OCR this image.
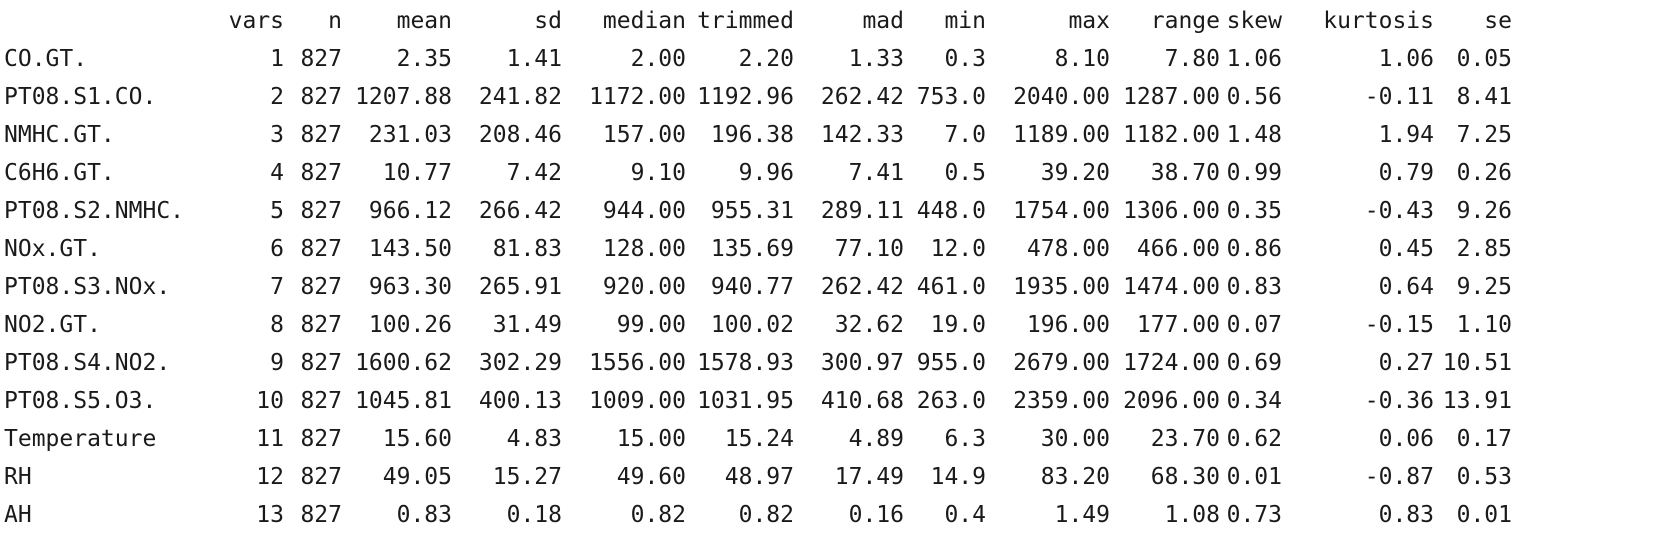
	vars	n	mean	sd	median	trimmed	mad	min	max	range	skew	kurtosis	se
CO.GT.	1	827	2.35	1.41	2.00	2.20	1.33	0.3	8.10	7.80	1.06	1.06	0.05
PT08.S1.CO.	2	827	1207.88	241.82	1172.00	1192.96	262.42	753.0	2040.00	1287.00	0.56	-0.11	8.41
NMHC.GT.	3	827	231.03	208.46	157.00	196.38	142.33	7.0	1189.00	1182.00	1.48	1.94	7.25
C6H6.GT.	4	827	10.77	7.42	9.10	9.96	7.41	0.5	39.20	38.70	0.99	0.79	0.26
PT08.S2.NMHC.	5	827	966.12	266.42	944.00	955.31	289.11	448.0	1754.00	1306.00	0.35	-0.43	9.26
NOx.GT.	6	827	143.50	81.83	128.00	135.69	77.10	12.0	478.00	466.00	0.86	0.45	2.85
PT08.S3.NOx.	7	827	963.30	265.91	920.00	940.77	262.42	461.0	1935.00	1474.00	0.83	0.64	9.25
NO2.GT.	8	827	100.26	31.49	99.00	100.02	32.62	19.0	196.00	177.00	0.07	-0.15	1.10
PT08.S4.NO2.	9	827	1600.62	302.29	1556.00	1578.93	300.97	955.0	2679.00	1724.00	0.69	0.27	10.51
PT08.S5.O3.	10	827	1045.81	400.13	1009.00	1031.95	410.68	263.0	2359.00	2096.00	0.34	-0.36	13.91
Temperature	11	827	15.60	4.83	15.00	15.24	4.89	6.3	30.00	23.70	0.62	0.06	0.17
RH	12	827	49.05	15.27	49.60	48.97	17.49	14.9	83.20	68.30	0.01	-0.87	0.53
AH	13	827	0.83	0.18	0.82	0.82	0.16	0.4	1.49	1.08	0.73	0.83	0.01
